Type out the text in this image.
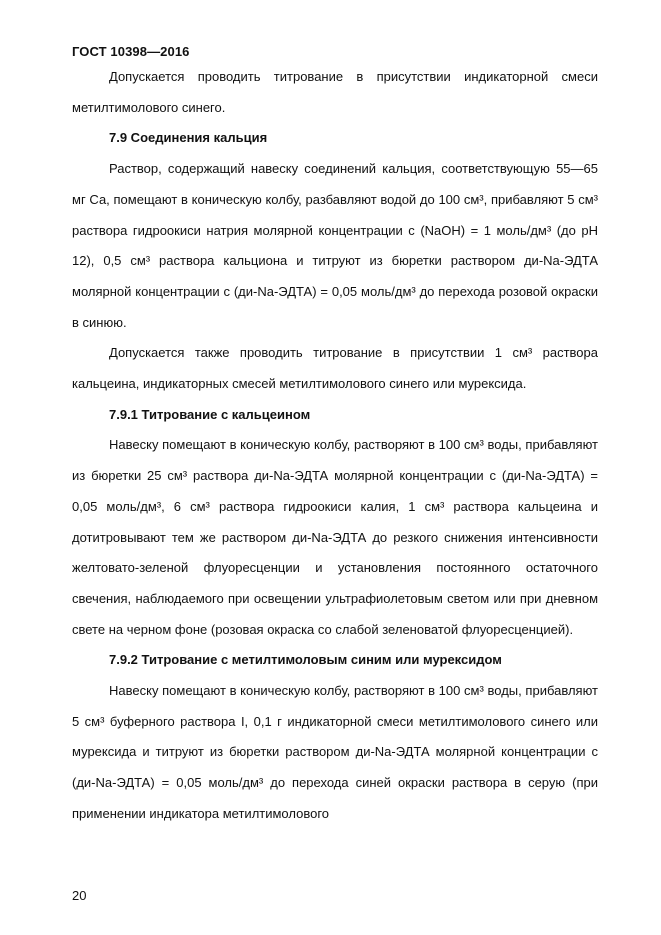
ГОСТ 10398—2016

Допускается проводить титрование в присутствии индикаторной смеси метилтимолового синего.

7.9 Соединения кальция

Раствор, содержащий навеску соединений кальция, соответствующую 55—65 мг Са, помещают в коническую колбу, разбавляют водой до 100 см³, прибавляют 5 см³ раствора гидроокиси натрия молярной концентрации с (NaOH) = 1 моль/дм³ (до pH 12), 0,5 см³ раствора кальциона и титруют из бюретки раствором ди-Na-ЭДТА молярной концентрации с (ди-Na-ЭДТА) = 0,05 моль/дм³ до перехода розовой окраски в синюю.

Допускается также проводить титрование в присутствии 1 см³ раствора кальцеина, индикаторных смесей метилтимолового синего или мурексида.

7.9.1 Титрование с кальцеином

Навеску помещают в коническую колбу, растворяют в 100 см³ воды, прибавляют из бюретки 25 см³ раствора ди-Na-ЭДТА молярной концентрации с (ди-Na-ЭДТА) = 0,05 моль/дм³, 6 см³ раствора гидроокиси калия, 1 см³ раствора кальцеина и дотитровывают тем же раствором ди-Na-ЭДТА до резкого снижения интенсивности желтовато-зеленой флуоресценции и установления постоянного остаточного свечения, наблюдаемого при освещении ультрафиолетовым светом или при дневном свете на черном фоне (розовая окраска со слабой зеленоватой флуоресценцией).

7.9.2 Титрование с метилтимоловым синим или мурексидом

Навеску помещают в коническую колбу, растворяют в 100 см³ воды, прибавляют 5 см³ буферного раствора I, 0,1 г индикаторной смеси метилтимолового синего или мурексида и титруют из бюретки раствором ди-Na-ЭДТА молярной концентрации с (ди-Na-ЭДТА) = 0,05 моль/дм³ до перехода синей окраски раствора в серую (при применении индикатора метилтимолового

20
